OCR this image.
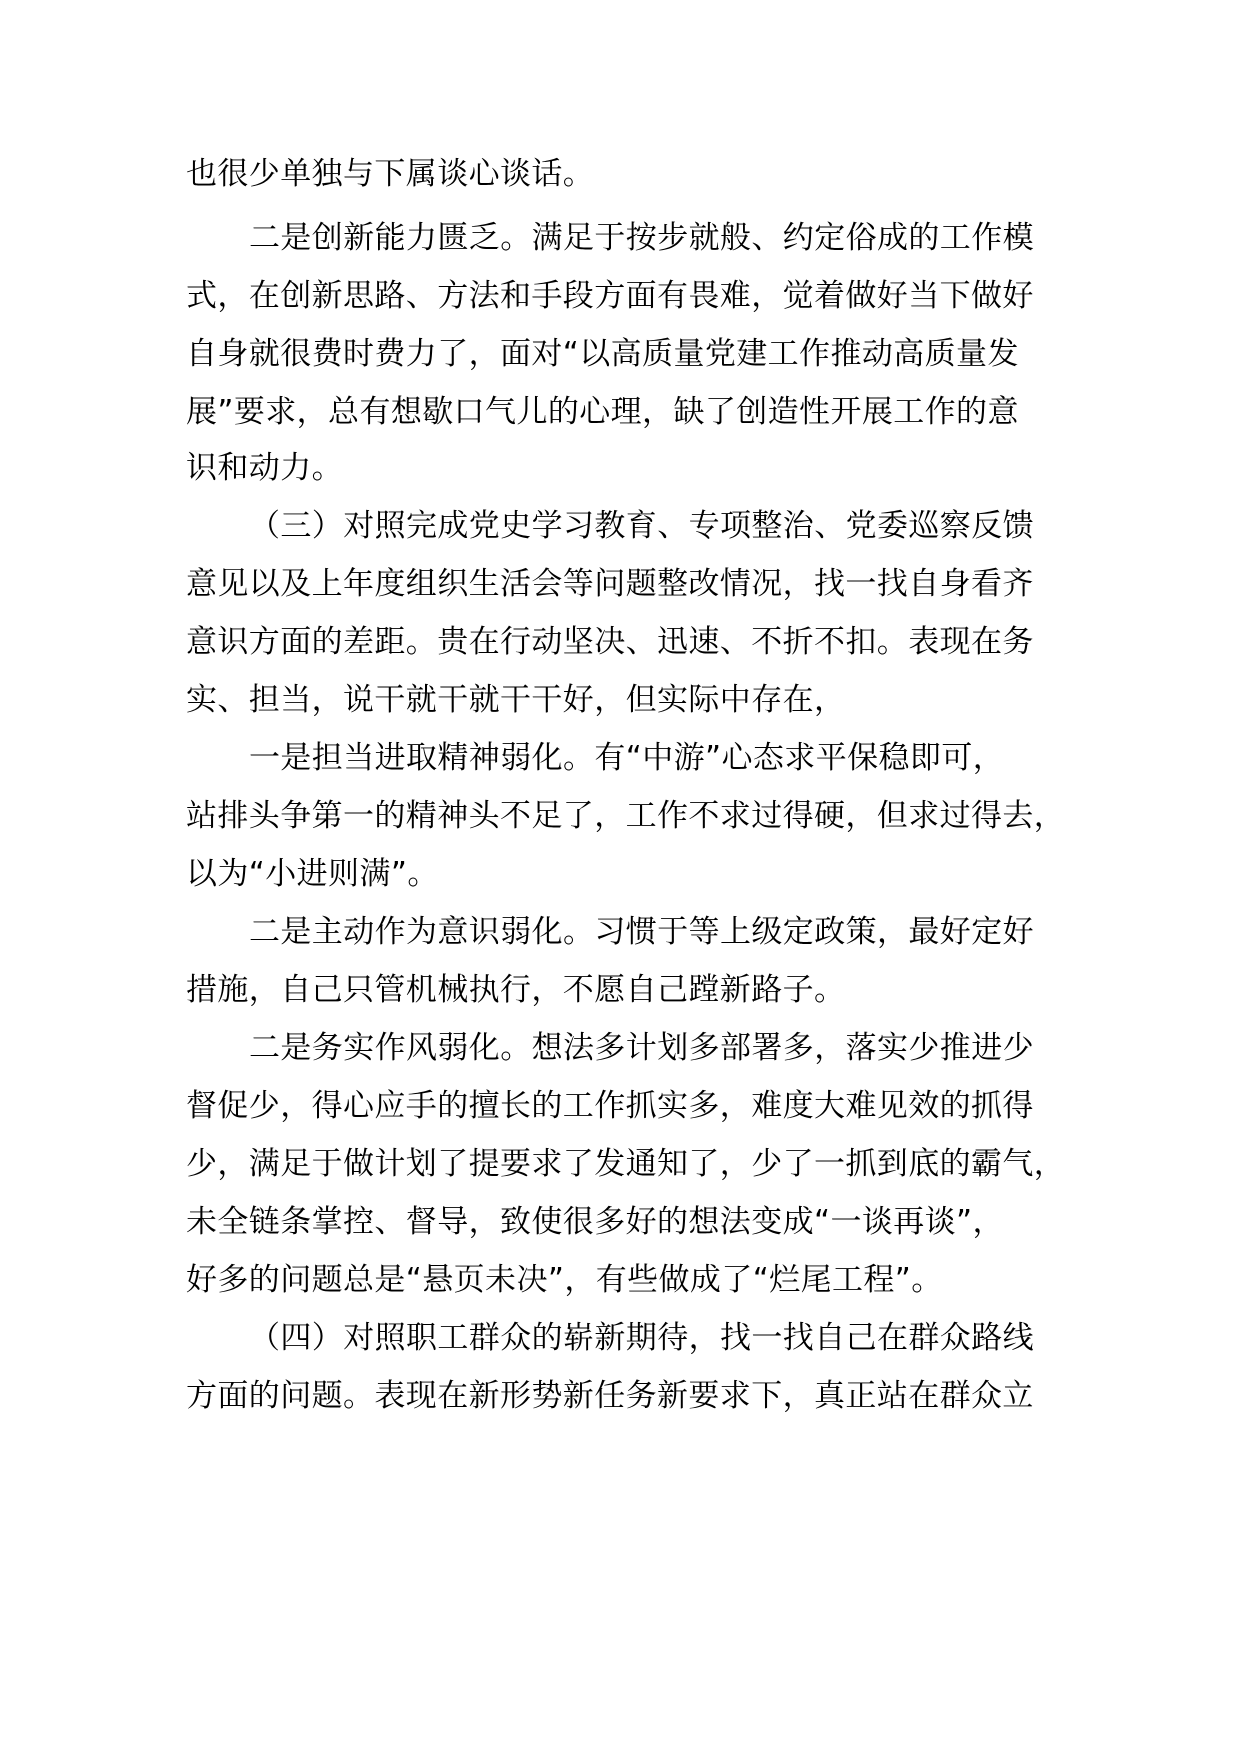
也很少单独与下属谈心谈话。
二是创新能力匮乏。满足于按步就般、约定俗成的工作模
式，在创新思路、方法和手段方面有畏难，觉着做好当下做好
自身就很费时费力了，面对“以高质量党建工作推动高质量发
展”要求，总有想歇口气儿的心理，缺了创造性开展工作的意
识和动力。
（三）对照完成党史学习教育、专项整治、党委巡察反馈
意见以及上年度组织生活会等问题整改情况，找一找自身看齐
意识方面的差距。贵在行动坚决、迅速、不折不扣。表现在务
实、担当，说干就干就干干好，但实际中存在，
一是担当进取精神弱化。有“中游”心态求平保稳即可，
站排头争第一的精神头不足了，工作不求过得硬，但求过得去，
以为“小进则满”。
二是主动作为意识弱化。习惯于等上级定政策，最好定好
措施，自己只管机械执行，不愿自己蹚新路子。
二是务实作风弱化。想法多计划多部署多，落实少推进少
督促少，得心应手的擅长的工作抓实多，难度大难见效的抓得
少，满足于做计划了提要求了发通知了，少了一抓到底的霸气，
未全链条掌控、督导，致使很多好的想法变成“一谈再谈”，
好多的问题总是“悬页未决”，有些做成了“烂尾工程”。
（四）对照职工群众的崭新期待，找一找自己在群众路线
方面的问题。表现在新形势新任务新要求下，真正站在群众立
